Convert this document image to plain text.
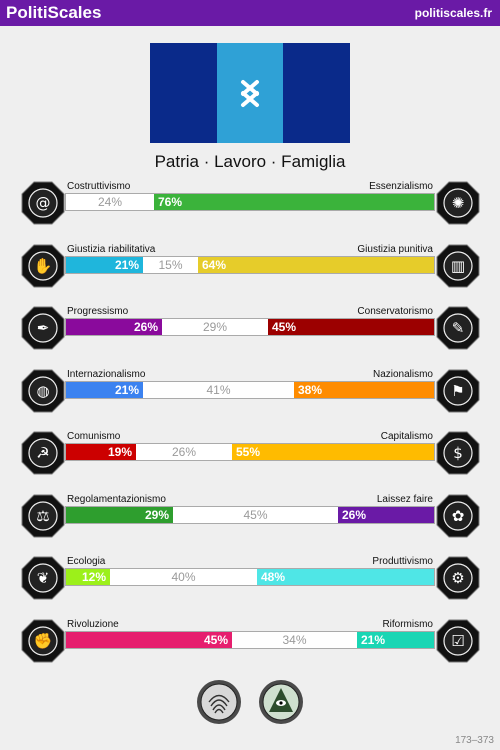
PolitiScales	politiscales.fr
Patria · Lavoro · Famiglia
Costruttivismo	Essenzialismo
24%	76%
@	✺
Giustizia riabilitativa	Giustizia punitiva
21%	15%	64%
✋	▥
Progressismo	Conservatorismo
26%	29%	45%
✒	✎
Internazionalismo	Nazionalismo
21%	41%	38%
◍	⚑
Comunismo	Capitalismo
19%	26%	55%
☭	$
Regolamentazionismo	Laissez faire
29%	45%	26%
⚖	✿
Ecologia	Produttivismo
12%	40%	48%
❦	⚙
Rivoluzione	Riformismo
45%	34%	21%
✊	☑
173–373
